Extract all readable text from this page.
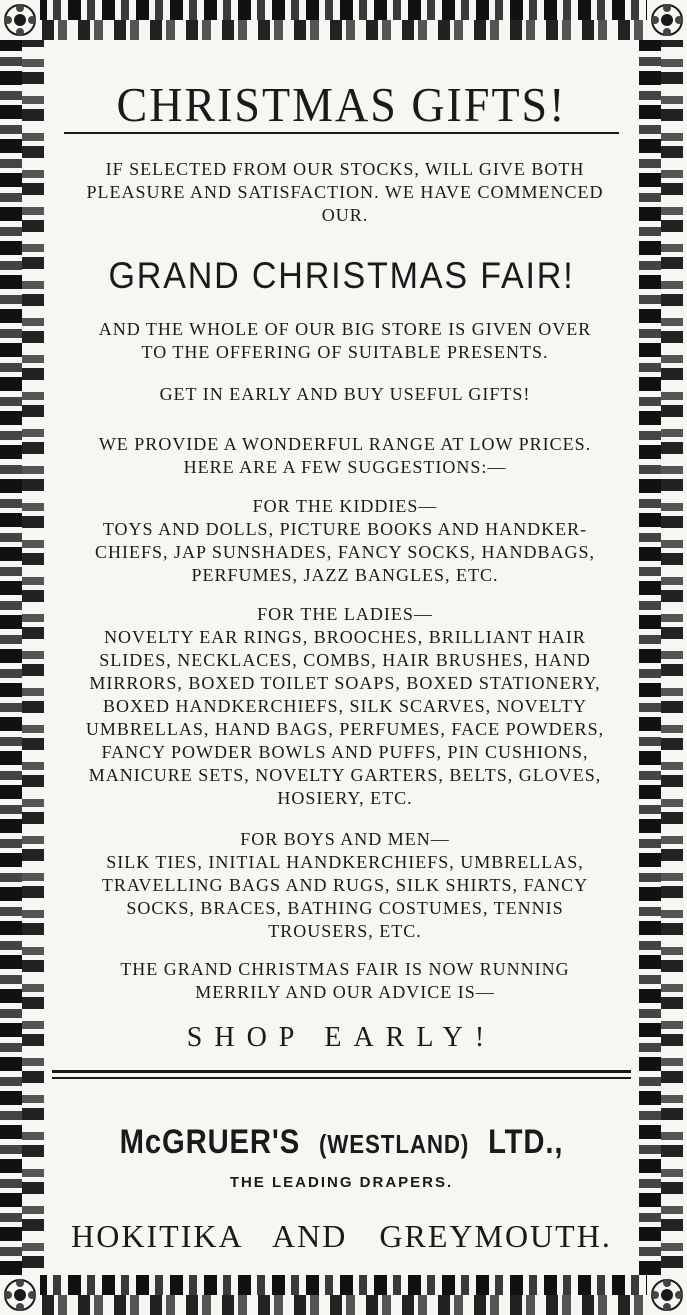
CHRISTMAS GIFTS!
IF SELECTED FROM OUR STOCKS, WILL GIVE BOTH
PLEASURE AND SATISFACTION. WE HAVE COMMENCED
OUR.
GRAND CHRISTMAS FAIR!
AND THE WHOLE OF OUR BIG STORE IS GIVEN OVER
TO THE OFFERING OF SUITABLE PRESENTS.
GET IN EARLY AND BUY USEFUL GIFTS!
WE PROVIDE A WONDERFUL RANGE AT LOW PRICES.
HERE ARE A FEW SUGGESTIONS:—
FOR THE KIDDIES—
TOYS AND DOLLS, PICTURE BOOKS AND HANDKER-
CHIEFS, JAP SUNSHADES, FANCY SOCKS, HANDBAGS,
PERFUMES, JAZZ BANGLES, ETC.
FOR THE LADIES—
NOVELTY EAR RINGS, BROOCHES, BRILLIANT HAIR
SLIDES, NECKLACES, COMBS, HAIR BRUSHES, HAND
MIRRORS, BOXED TOILET SOAPS, BOXED STATIONERY,
BOXED HANDKERCHIEFS, SILK SCARVES, NOVELTY
UMBRELLAS, HAND BAGS, PERFUMES, FACE POWDERS,
FANCY POWDER BOWLS AND PUFFS, PIN CUSHIONS,
MANICURE SETS, NOVELTY GARTERS, BELTS, GLOVES,
HOSIERY, ETC.
FOR BOYS AND MEN—
SILK TIES, INITIAL HANDKERCHIEFS, UMBRELLAS,
TRAVELLING BAGS AND RUGS, SILK SHIRTS, FANCY
SOCKS, BRACES, BATHING COSTUMES, TENNIS
TROUSERS, ETC.
THE GRAND CHRISTMAS FAIR IS NOW RUNNING
MERRILY AND OUR ADVICE IS—
SHOP EARLY!
McGRUER'S (WESTLAND) LTD.,
THE LEADING DRAPERS.
HOKITIKA AND GREYMOUTH.
